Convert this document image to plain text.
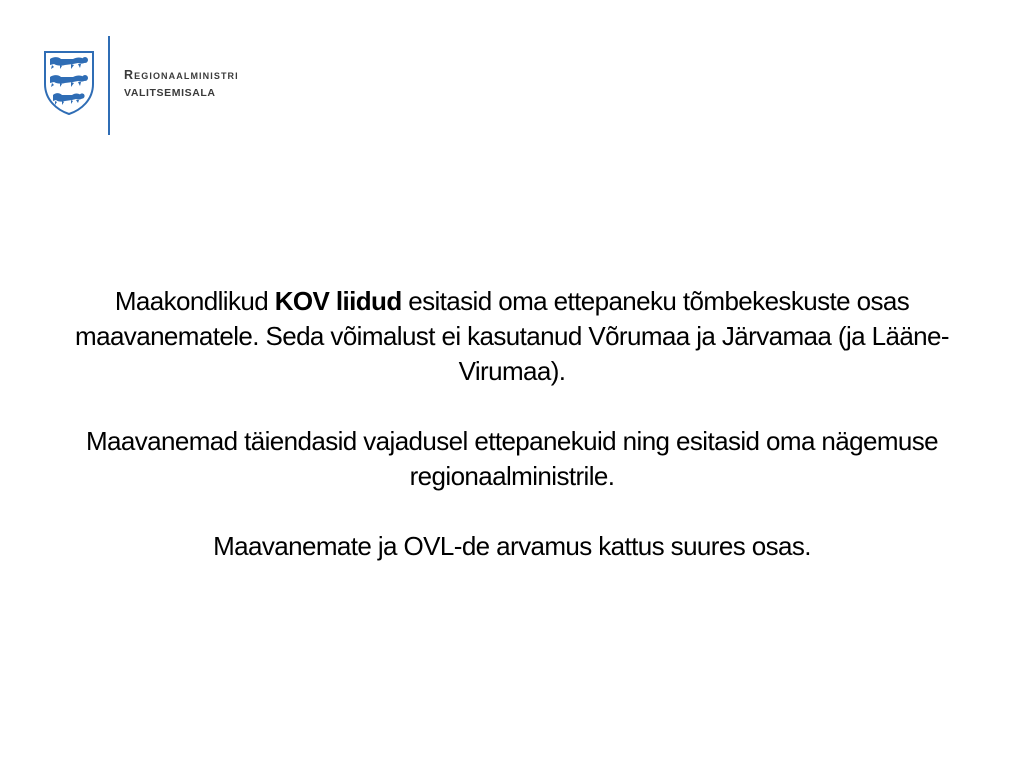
Regionaalministri
VALITSEMISALA

Maakondlikud KOV liidud esitasid oma ettepaneku tõmbekeskuste osas maavanematele. Seda võimalust ei kasutanud Võrumaa ja Järvamaa (ja Lääne-Virumaa).

Maavanemad täiendasid vajadusel ettepanekuid ning esitasid oma nägemuse regionaalministrile.

Maavanemate ja OVL-de arvamus kattus suures osas.
